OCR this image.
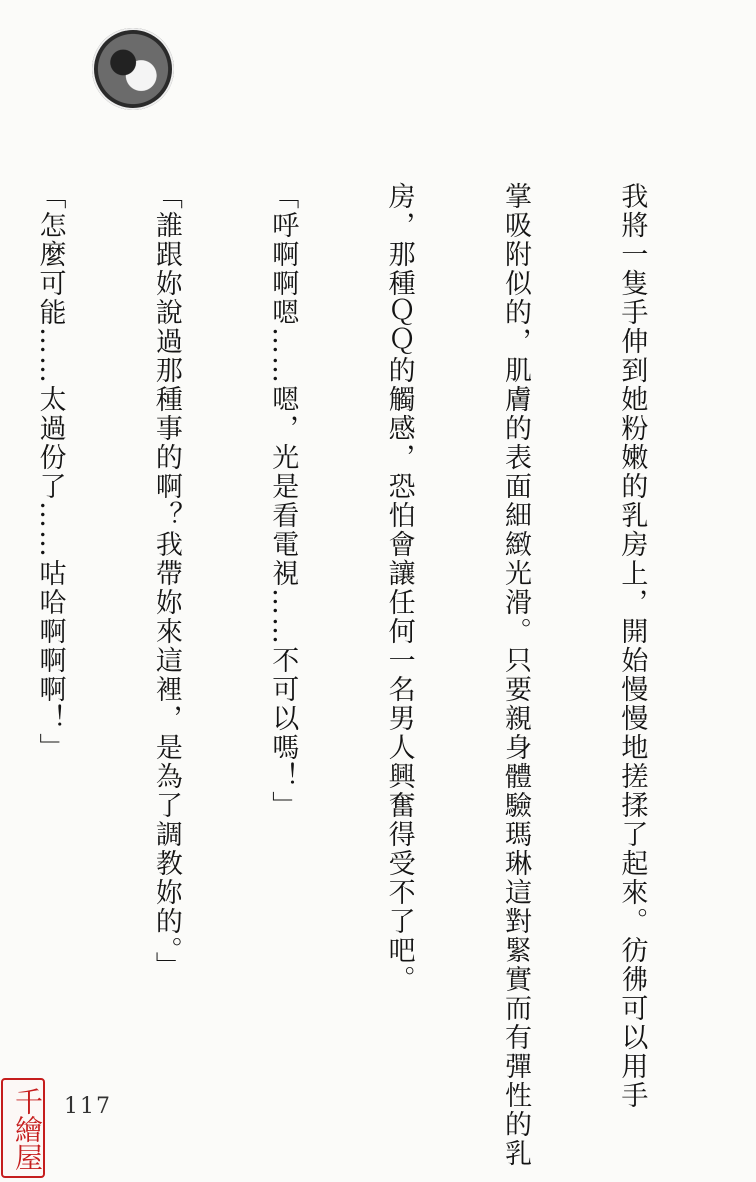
我將一隻手伸到她粉嫩的乳房上，開始慢慢地搓揉了起來。彷彿可以用手

掌吸附似的，肌膚的表面細緻光滑。只要親身體驗瑪琳這對緊實而有彈性的乳

房，那種ＱＱ的觸感，恐怕會讓任何一名男人興奮得受不了吧。

「呼啊啊嗯……嗯，光是看電視……不可以嗎！」

「誰跟妳說過那種事的啊？我帶妳來這裡，是為了調教妳的。」

「怎麼可能……太過份了……咕哈啊啊啊！」

117
千繪屋
